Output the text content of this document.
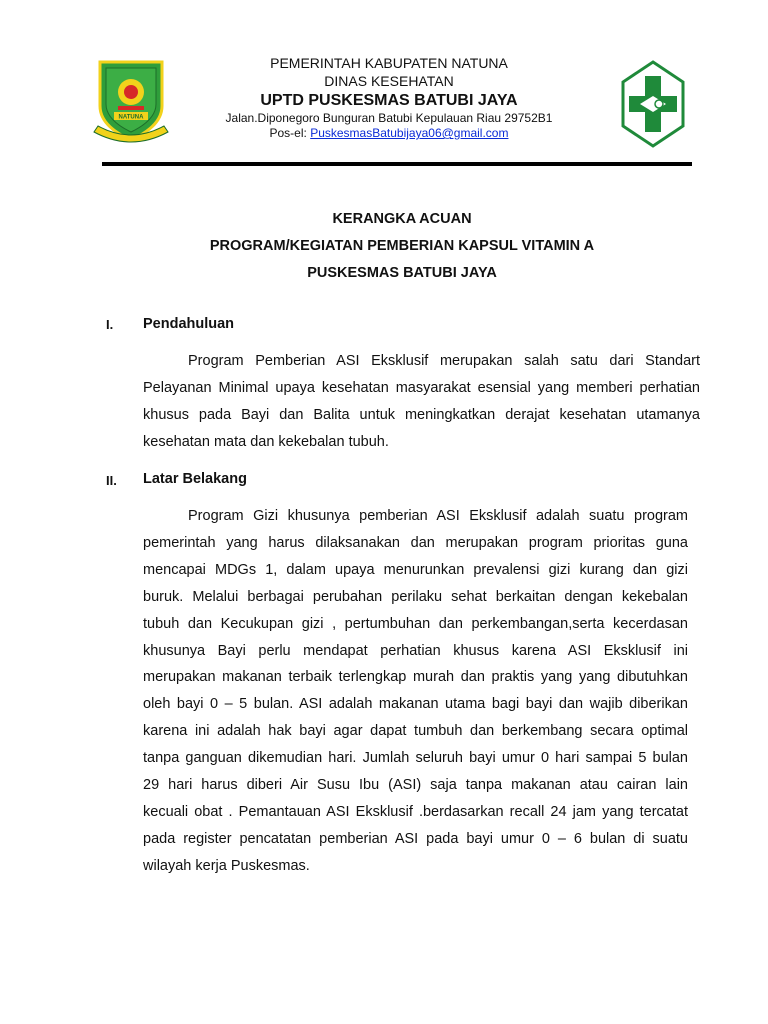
NATUNA
PEMERINTAH KABUPATEN NATUNA
DINAS KESEHATAN
UPTD PUSKESMAS BATUBI JAYA
Jalan.Diponegoro Bunguran Batubi Kepulauan Riau 29752B1
Pos-el: PuskesmasBatubijaya06@gmail.com
KERANGKA ACUAN
PROGRAM/KEGIATAN PEMBERIAN KAPSUL VITAMIN A
PUSKESMAS BATUBI JAYA
I. Pendahuluan
Program Pemberian ASI Eksklusif merupakan salah satu dari Standart
Pelayanan Minimal upaya kesehatan masyarakat esensial yang memberi perhatian
khusus pada Bayi dan Balita untuk meningkatkan derajat kesehatan utamanya
kesehatan mata dan kekebalan tubuh.
II. Latar Belakang
Program Gizi khusunya pemberian ASI Eksklusif adalah suatu program
pemerintah yang harus dilaksanakan dan merupakan program prioritas guna
mencapai MDGs 1, dalam upaya menurunkan prevalensi gizi kurang dan gizi
buruk. Melalui berbagai perubahan perilaku sehat berkaitan dengan kekebalan
tubuh dan Kecukupan gizi , pertumbuhan dan perkembangan,serta kecerdasan
khusunya Bayi perlu mendapat perhatian khusus karena ASI Eksklusif ini
merupakan makanan terbaik terlengkap murah dan praktis yang yang dibutuhkan
oleh bayi 0 – 5 bulan. ASI adalah makanan utama bagi bayi dan wajib diberikan
karena ini adalah hak bayi agar dapat tumbuh dan berkembang secara optimal
tanpa ganguan dikemudian hari. Jumlah seluruh bayi umur 0 hari sampai 5 bulan
29 hari harus diberi Air Susu Ibu (ASI) saja tanpa makanan atau cairan lain
kecuali obat . Pemantauan ASI Eksklusif .berdasarkan recall 24 jam yang tercatat
pada register pencatatan pemberian ASI pada bayi umur 0 – 6 bulan di suatu
wilayah kerja Puskesmas.
